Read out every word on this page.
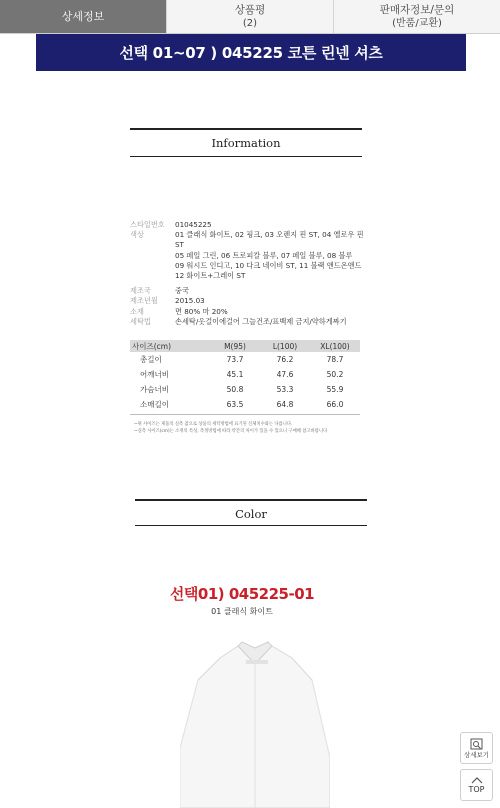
상세정보
상품평
(2)
판매자정보/문의
(반품/교환)
선택 01~07 ) 045225 코튼 린넨 셔츠
Information
스타일번호	01045225
색상	01 클래식 화이트, 02 핑크, 03 오렌지 핀 ST, 04 옐로우 핀 ST
05 페일 그린, 06 트로피칼 블루, 07 페일 블루, 08 블루
09 워시드 인디고, 10 다크 네이비 ST, 11 블랙 앤드온앤드
12 화이트+그레이 ST
제조국	중국
제조년월	2015.03
소재	면 80% 마 20%
세탁법	손세탁/옷걸이에걸어 그늘건조/표백제 금지/약하게짜기
사이즈(cm)	M(95)	L(100)	XL(100)
총길이	73.7	76.2	78.7
어깨너비	45.1	47.6	50.2
가슴너비	50.8	53.3	55.9
소매길이	63.5	64.8	66.0
~위 사이즈는 제품의 실측 값으로 상품의 세탁방법에 표기된 신체치수와는 다릅니다.
~실측 사이즈(cm)는 소재의 특성, 측정방법에 따라 약간의 차이가 있을 수 있으니 구매해 참고바랍니다
Color
선택01) 045225-01
01 클래식 화이트
상세보기
TOP
